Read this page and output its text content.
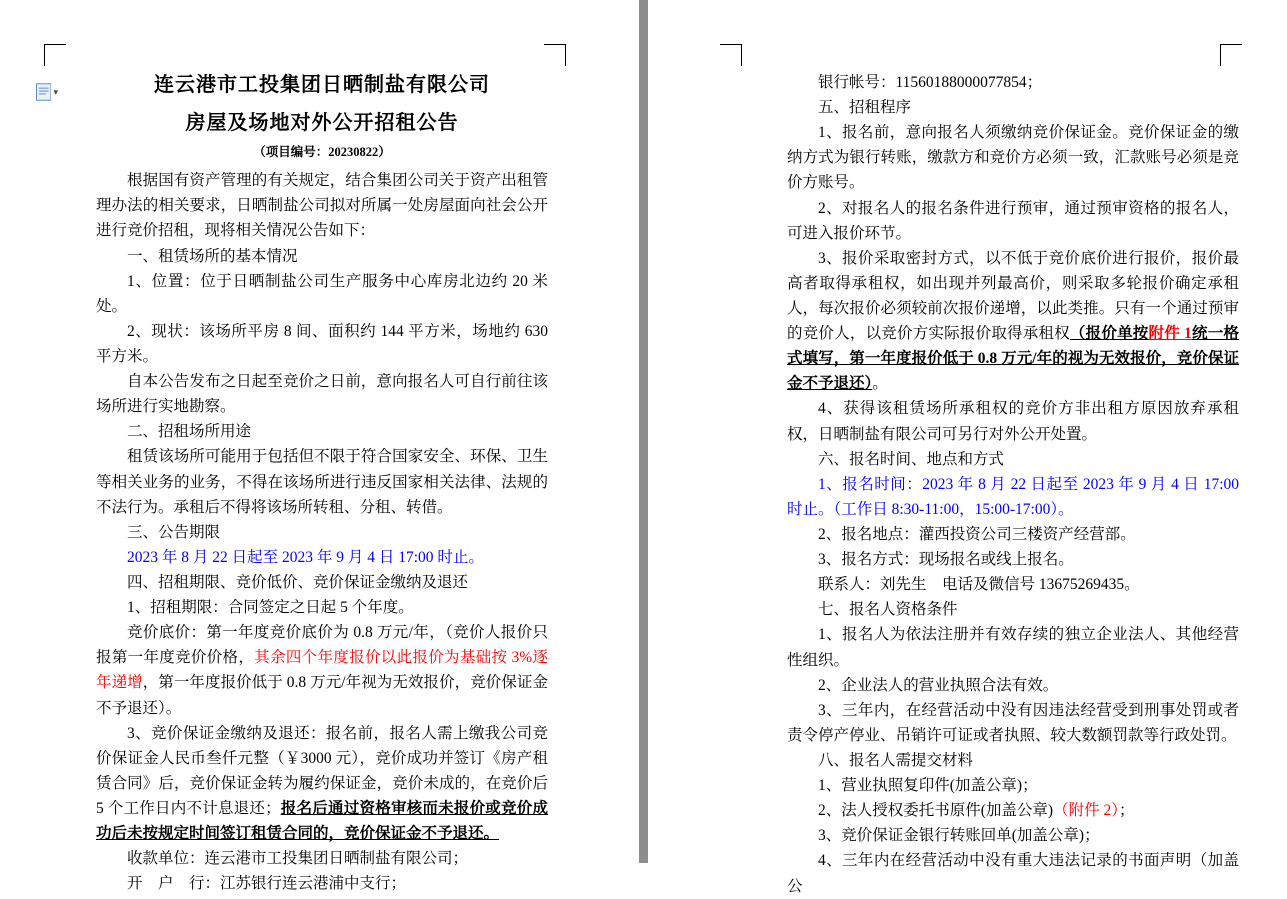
▾	连云港市工投集团日晒制盐有限公司
房屋及场地对外公开招租公告
（项目编号：20230822）

根据国有资产管理的有关规定，结合集团公司关于资产出租管理办法的相关要求，日晒制盐公司拟对所属一处房屋面向社会公开进行竞价招租，现将相关情况公告如下：

一、租赁场所的基本情况

1、位置：位于日晒制盐公司生产服务中心库房北边约 20 米处。

2、现状：该场所平房 8 间、面积约 144 平方米，场地约 630 平方米。

自本公告发布之日起至竞价之日前，意向报名人可自行前往该场所进行实地勘察。

二、招租场所用途

租赁该场所可能用于包括但不限于符合国家安全、环保、卫生等相关业务的业务，不得在该场所进行违反国家相关法律、法规的不法行为。承租后不得将该场所转租、分租、转借。

三、公告期限

2023 年 8 月 22 日起至 2023 年 9 月 4 日 17:00 时止。

四、招租期限、竞价低价、竞价保证金缴纳及退还

1、招租期限：合同签定之日起 5 个年度。

竞价底价：第一年度竞价底价为 0.8 万元/年，（竞价人报价只报第一年度竞价价格，其余四个年度报价以此报价为基础按 3%逐年递增，第一年度报价低于 0.8 万元/年视为无效报价，竞价保证金不予退还）。

3、竞价保证金缴纳及退还：报名前，报名人需上缴我公司竞价保证金人民币叁仟元整（￥3000 元），竞价成功并签订《房产租赁合同》后，竞价保证金转为履约保证金，竞价未成的，在竞价后 5 个工作日内不计息退还；报名后通过资格审核而未报价或竞价成功后未按规定时间签订租赁合同的，竞价保证金不予退还。

收款单位：连云港市工投集团日晒制盐有限公司；

开　户　行：江苏银行连云港浦中支行；

银行帐号：11560188000077854；

五、招租程序

1、报名前，意向报名人须缴纳竞价保证金。竞价保证金的缴纳方式为银行转账，缴款方和竞价方必须一致，汇款账号必须是竞价方账号。

2、对报名人的报名条件进行预审，通过预审资格的报名人，可进入报价环节。

3、报价采取密封方式，以不低于竞价底价进行报价，报价最高者取得承租权，如出现并列最高价，则采取多轮报价确定承租人，每次报价必须较前次报价递增，以此类推。只有一个通过预审的竞价人，以竞价方实际报价取得承租权（报价单按附件 1统一格式填写，第一年度报价低于 0.8 万元/年的视为无效报价，竞价保证金不予退还）。

4、获得该租赁场所承租权的竞价方非出租方原因放弃承租权，日晒制盐有限公司可另行对外公开处置。

六、报名时间、地点和方式

1、报名时间：2023 年 8 月 22 日起至 2023 年 9 月 4 日 17:00 时止。（工作日 8:30-11:00，15:00-17:00）。

2、报名地点：灌西投资公司三楼资产经营部。

3、报名方式：现场报名或线上报名。

联系人：刘先生　电话及微信号 13675269435。

七、报名人资格条件

1、报名人为依法注册并有效存续的独立企业法人、其他经营性组织。

2、企业法人的营业执照合法有效。

3、三年内，在经营活动中没有因违法经营受到刑事处罚或者责令停产停业、吊销许可证或者执照、较大数额罚款等行政处罚。

八、报名人需提交材料

1、营业执照复印件(加盖公章)；

2、法人授权委托书原件(加盖公章)（附件 2）；

3、竞价保证金银行转账回单(加盖公章)；

4、三年内在经营活动中没有重大违法记录的书面声明（加盖公
